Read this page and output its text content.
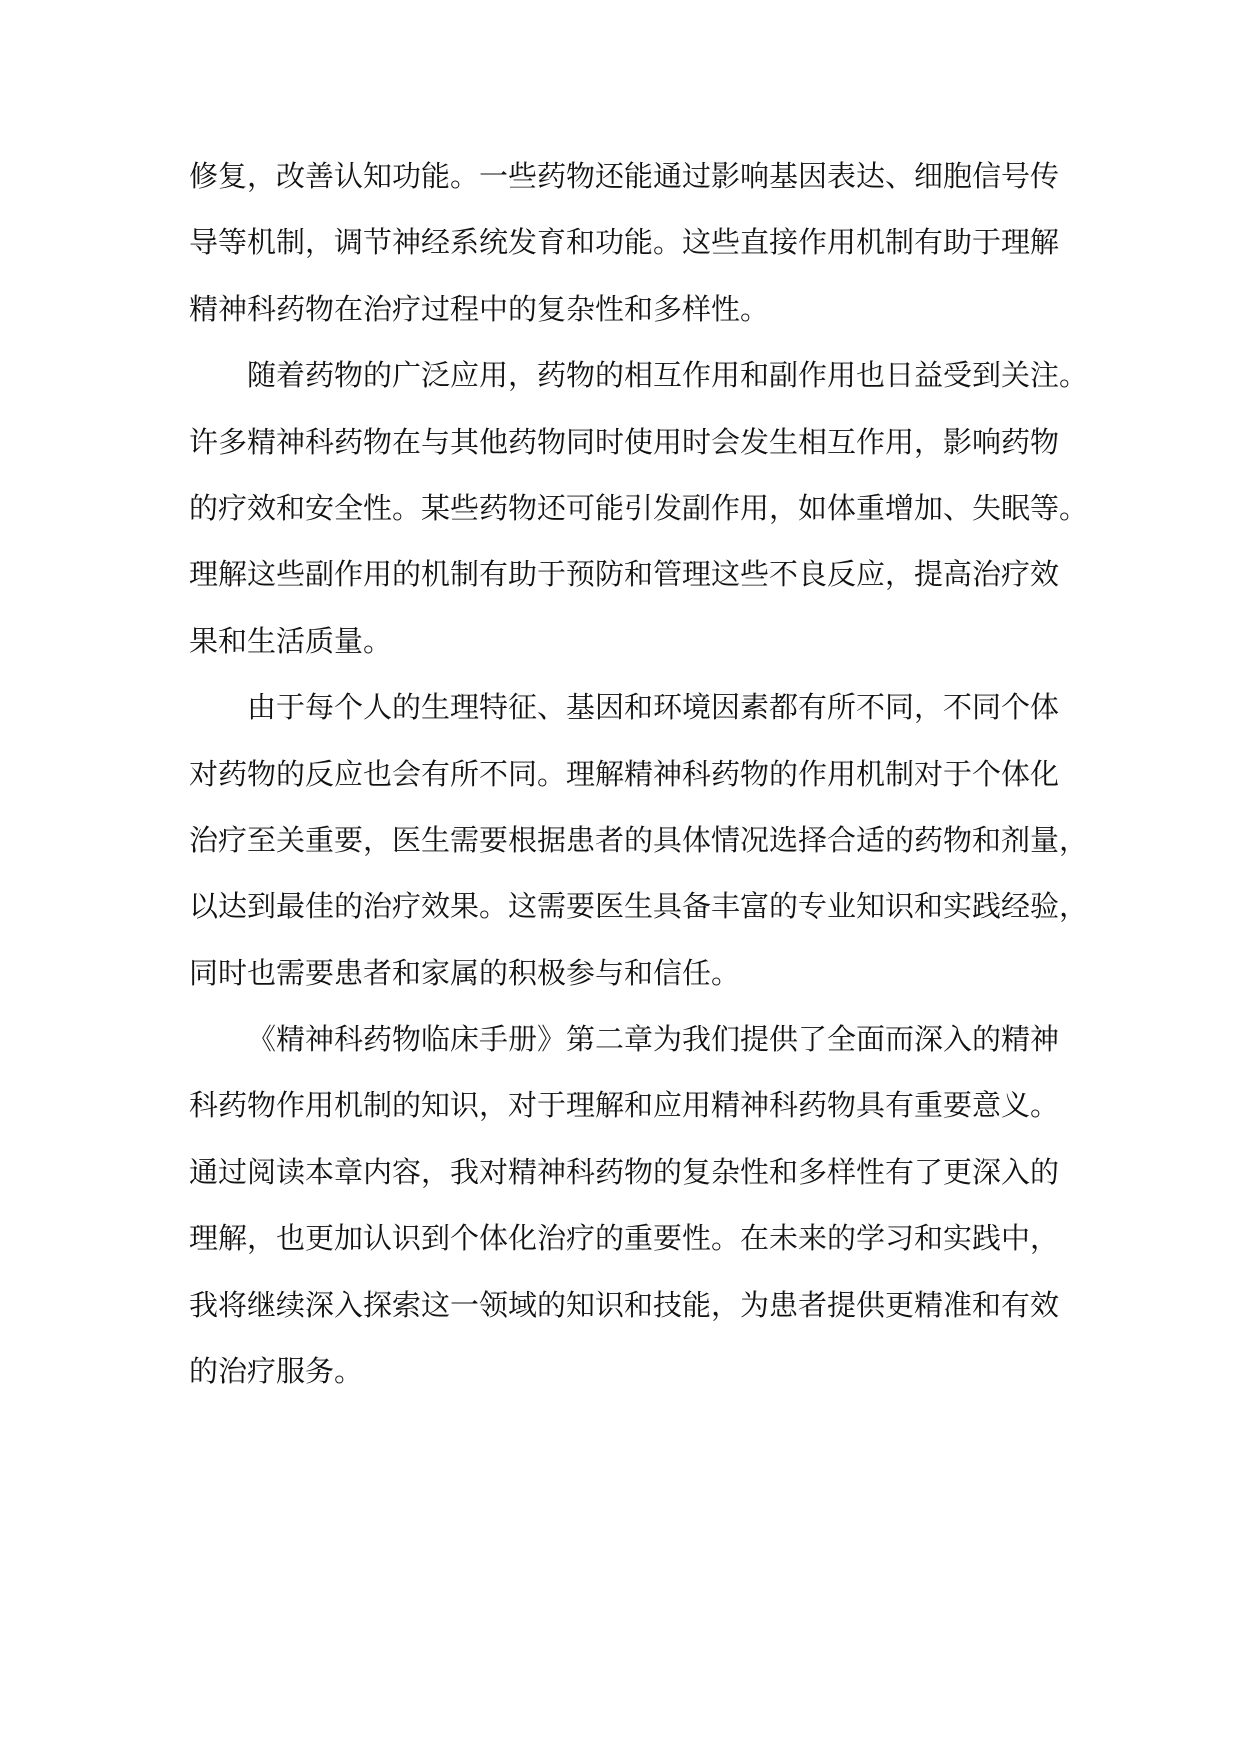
修复，改善认知功能。一些药物还能通过影响基因表达、细胞信号传
导等机制，调节神经系统发育和功能。这些直接作用机制有助于理解
精神科药物在治疗过程中的复杂性和多样性。
随着药物的广泛应用，药物的相互作用和副作用也日益受到关注。
许多精神科药物在与其他药物同时使用时会发生相互作用，影响药物
的疗效和安全性。某些药物还可能引发副作用，如体重增加、失眠等。
理解这些副作用的机制有助于预防和管理这些不良反应，提高治疗效
果和生活质量。
由于每个人的生理特征、基因和环境因素都有所不同，不同个体
对药物的反应也会有所不同。理解精神科药物的作用机制对于个体化
治疗至关重要，医生需要根据患者的具体情况选择合适的药物和剂量，
以达到最佳的治疗效果。这需要医生具备丰富的专业知识和实践经验，
同时也需要患者和家属的积极参与和信任。
《精神科药物临床手册》第二章为我们提供了全面而深入的精神
科药物作用机制的知识，对于理解和应用精神科药物具有重要意义。
通过阅读本章内容，我对精神科药物的复杂性和多样性有了更深入的
理解，也更加认识到个体化治疗的重要性。在未来的学习和实践中，
我将继续深入探索这一领域的知识和技能，为患者提供更精准和有效
的治疗服务。
